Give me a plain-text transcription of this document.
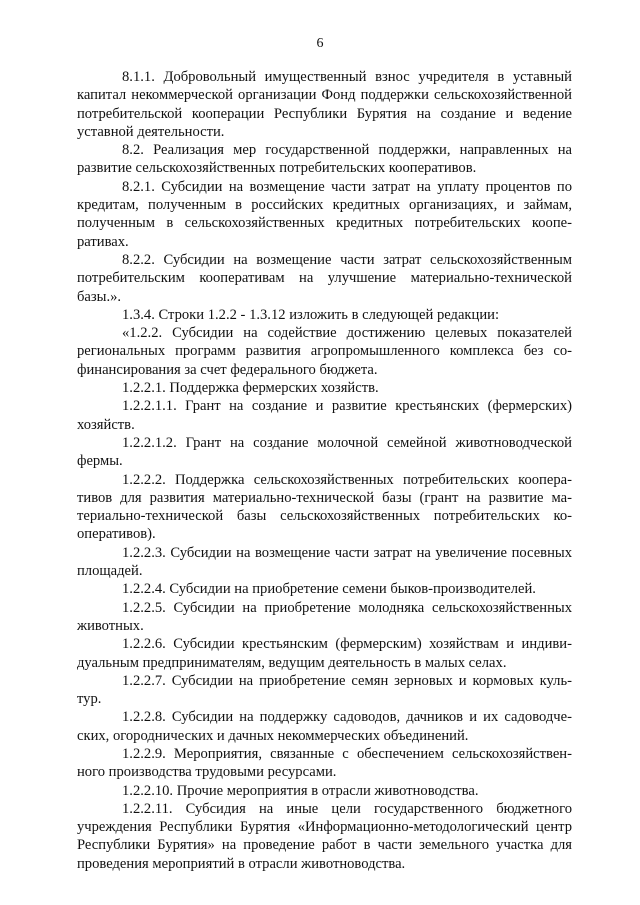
6

8.1.1. Добровольный имущественный взнос учредителя в уставный капитал некоммерческой организации Фонд поддержки сельскохозяйственной потребительской кооперации Республики Бурятия на создание и ведение уставной деятельности.

8.2. Реализация мер государственной поддержки, направленных на развитие сельскохозяйственных потребительских кооперативов.

8.2.1. Субсидии на возмещение части затрат на уплату процентов по кредитам, полученным в российских кредитных организациях, и займам, полученным в сельскохозяйственных кредитных потребительских кооперативах.

8.2.2. Субсидии на возмещение части затрат сельскохозяйственным потребительским кооперативам на улучшение материально-технической базы.».

1.3.4. Строки 1.2.2 - 1.3.12 изложить в следующей редакции:

«1.2.2. Субсидии на содействие достижению целевых показателей региональных программ развития агропромышленного комплекса без софинансирования за счет федерального бюджета.

1.2.2.1. Поддержка фермерских хозяйств.

1.2.2.1.1. Грант на создание и развитие крестьянских (фермерских) хозяйств.

1.2.2.1.2. Грант на создание молочной семейной животноводческой фермы.

1.2.2.2. Поддержка сельскохозяйственных потребительских кооперативов для развития материально-технической базы (грант на развитие материально-технической базы сельскохозяйственных потребительских кооперативов).

1.2.2.3. Субсидии на возмещение части затрат на увеличение посевных площадей.

1.2.2.4. Субсидии на приобретение семени быков-производителей.

1.2.2.5. Субсидии на приобретение молодняка сельскохозяйственных животных.

1.2.2.6. Субсидии крестьянским (фермерским) хозяйствам и индивидуальным предпринимателям, ведущим деятельность в малых селах.

1.2.2.7. Субсидии на приобретение семян зерновых и кормовых культур.

1.2.2.8. Субсидии на поддержку садоводов, дачников и их садоводческих, огороднических и дачных некоммерческих объединений.

1.2.2.9. Мероприятия, связанные с обеспечением сельскохозяйственного производства трудовыми ресурсами.

1.2.2.10. Прочие мероприятия в отрасли животноводства.

1.2.2.11. Субсидия на иные цели государственного бюджетного учреждения Республики Бурятия «Информационно-методологический центр Республики Бурятия» на проведение работ в части земельного участка для проведения мероприятий в отрасли животноводства.
